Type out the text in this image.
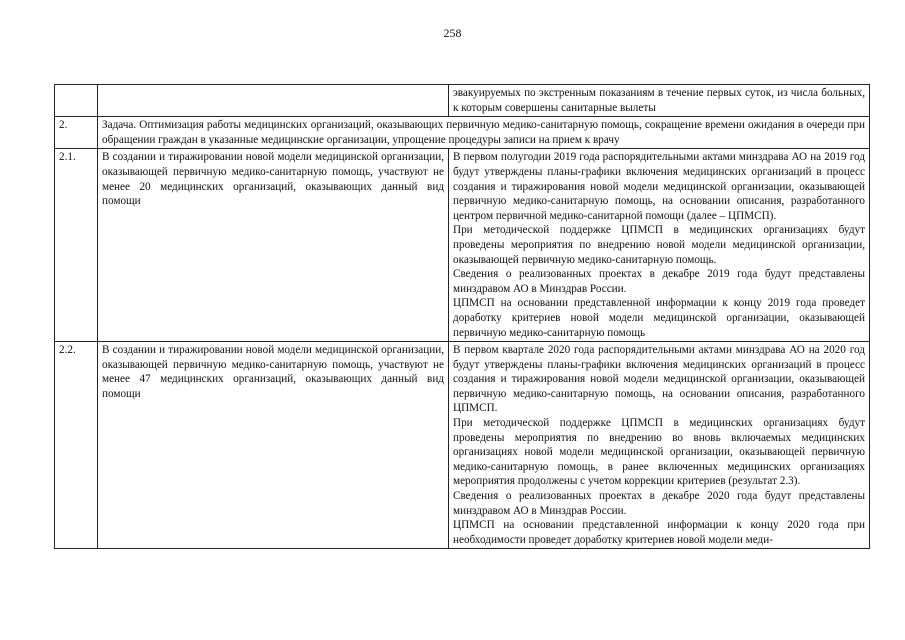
258

		эвакуируемых по экстренным показаниям в течение первых суток, из числа больных, к которым совершены санитарные вылеты

2.	Задача. Оптимизация работы медицинских организаций, оказывающих первичную медико-санитарную помощь, сокращение времени ожидания в очереди при обращении граждан в указанные медицинские организации, упрощение процедуры записи на прием к врачу	
2.1.	В создании и тиражировании новой модели медицинской организации, оказывающей первичную медико-санитарную помощь, участвуют не менее 20 медицинских организаций, оказывающих данный вид помощи	В первом полугодии 2019 года распорядительными актами минздрава АО на 2019 год будут утверждены планы-графики включения медицинских организаций в процесс создания и тиражирования новой модели медицинской организации, оказывающей первичную медико-санитарную помощь, на основании описания, разработанного центром первичной медико-санитарной помощи (далее – ЦПМСП).
При методической поддержке ЦПМСП в медицинских организациях будут проведены мероприятия по внедрению новой модели медицинской организации, оказывающей первичную медико-санитарную помощь.
Сведения о реализованных проектах в декабре 2019 года будут представлены минздравом АО в Минздрав России.
ЦПМСП на основании представленной информации к концу 2019 года проведет доработку критериев новой модели медицинской организации, оказывающей первичную медико-санитарную помощь

2.2.	В создании и тиражировании новой модели медицинской организации, оказывающей первичную медико-санитарную помощь, участвуют не менее 47 медицинских организаций, оказывающих данный вид помощи	В первом квартале 2020 года распорядительными актами минздрава АО на 2020 год будут утверждены планы-графики включения медицинских организаций в процесс создания и тиражирования новой модели медицинской организации, оказывающей первичную медико-санитарную помощь, на основании описания, разработанного ЦПМСП.
При методической поддержке ЦПМСП в медицинских организациях будут проведены мероприятия по внедрению во вновь включаемых медицинских организациях новой модели медицинской организации, оказывающей первичную медико-санитарную помощь, в ранее включенных медицинских организациях мероприятия продолжены с учетом коррекции критериев (результат 2.3).
Сведения о реализованных проектах в декабре 2020 года будут представлены минздравом АО в Минздрав России.
ЦПМСП на основании представленной информации к концу 2020 года при необходимости проведет доработку критериев новой модели меди-
